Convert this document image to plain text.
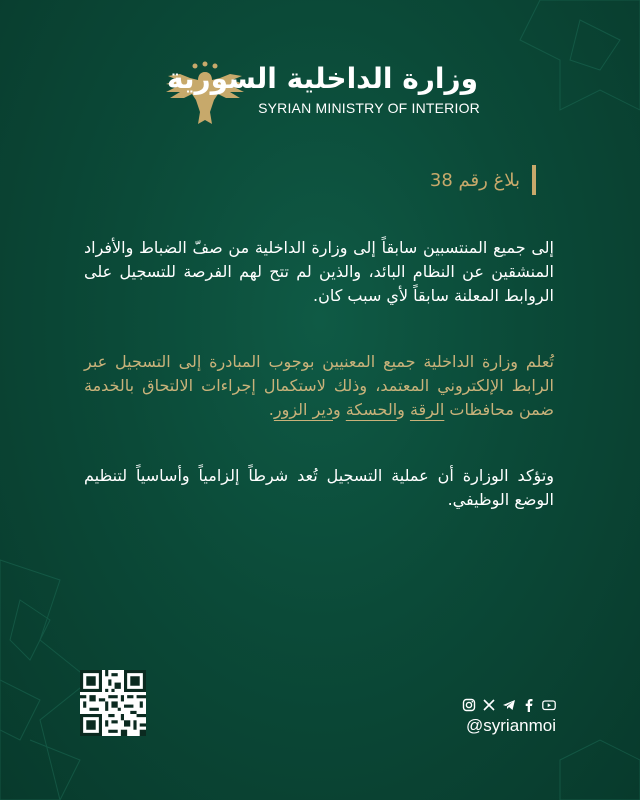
وزارة الداخلية السورية
SYRIAN MINISTRY OF INTERIOR
بلاغ رقم 38

إلى جميع المنتسبين سابقاً إلى وزارة الداخلية من صفّ الضباط والأفراد المنشقين عن النظام البائد، والذين لم تتح لهم الفرصة للتسجيل على الروابط المعلنة سابقاً لأي سبب كان.

تُعلم وزارة الداخلية جميع المعنيين بوجوب المبادرة إلى التسجيل عبر الرابط الإلكتروني المعتمد، وذلك لاستكمال إجراءات الالتحاق بالخدمة ضمن محافظات الرقة والحسكة ودير الزور.

وتؤكد الوزارة أن عملية التسجيل تُعد شرطاً إلزامياً وأساسياً لتنظيم الوضع الوظيفي.

@syrianmoi
